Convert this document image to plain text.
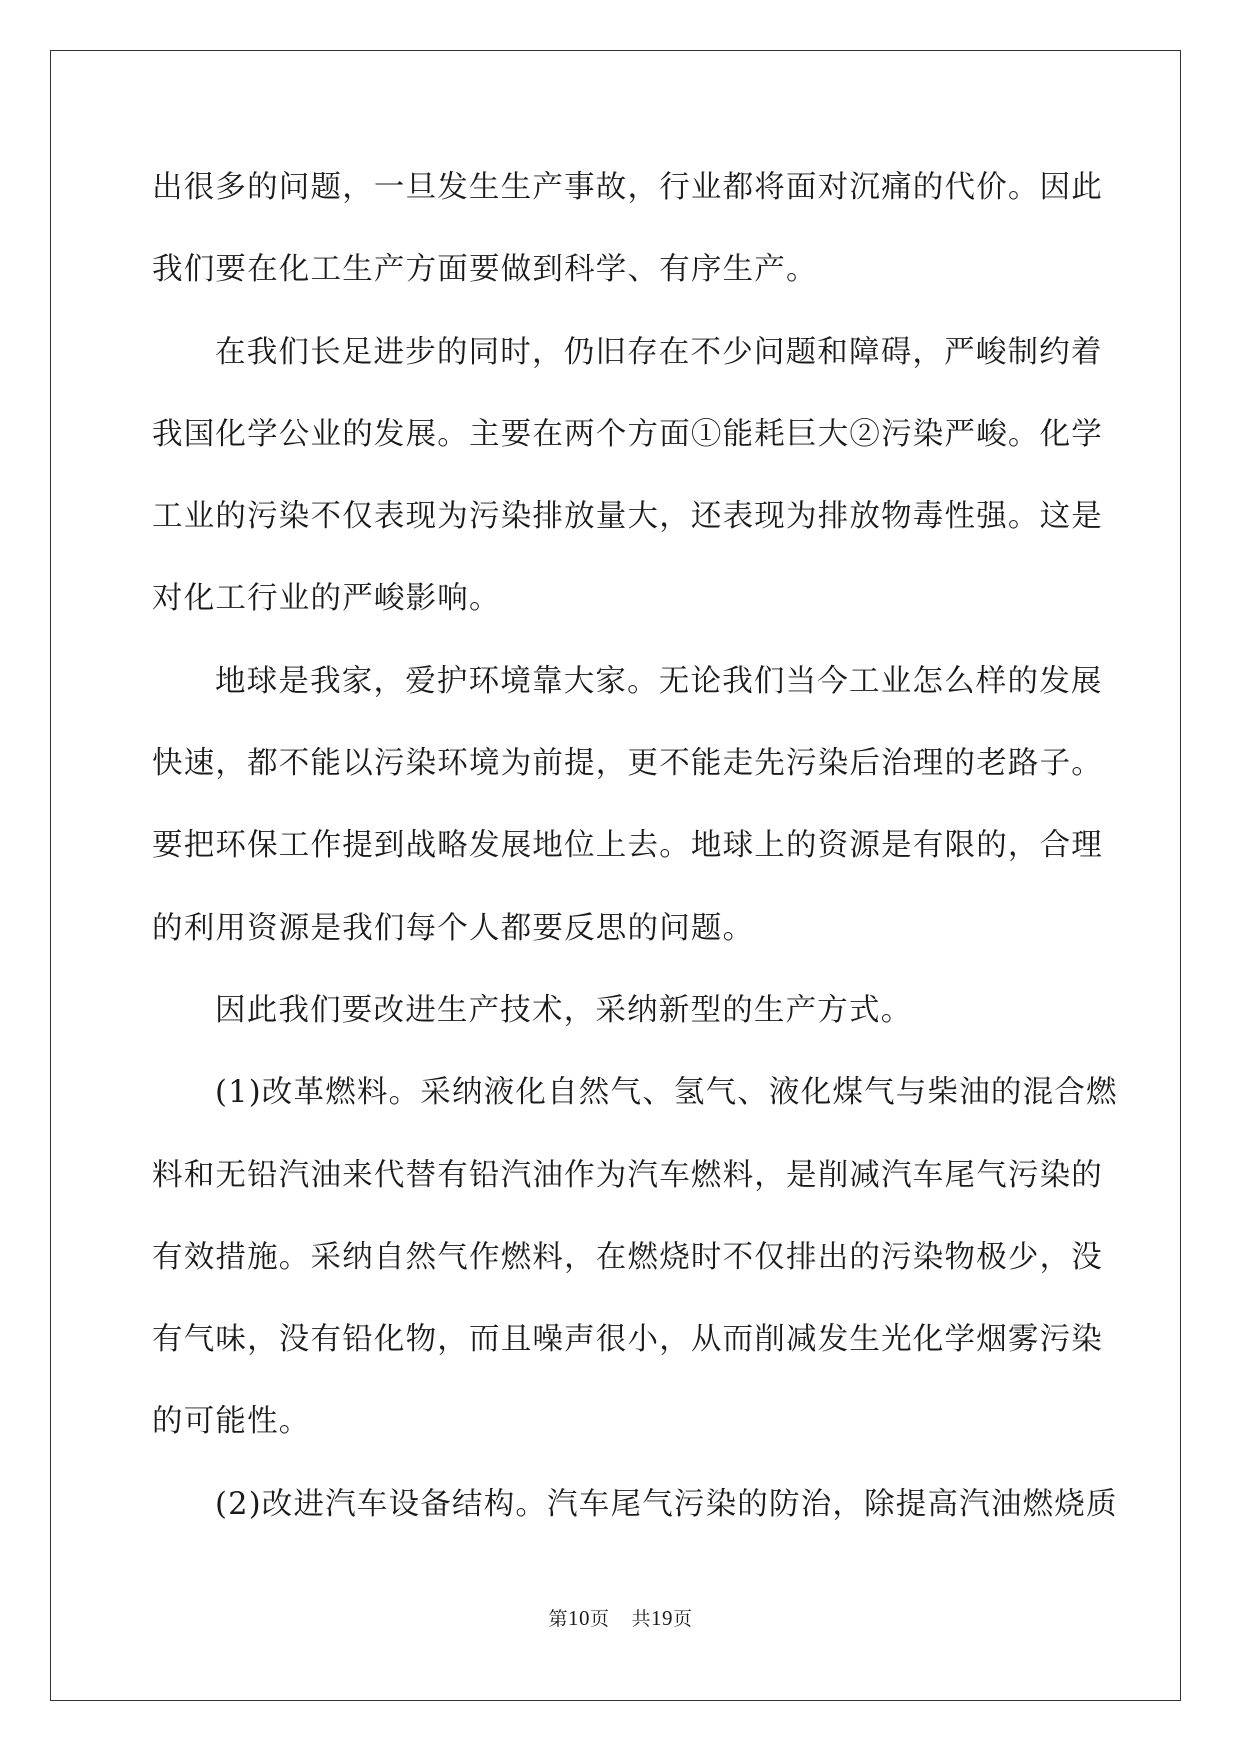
出很多的问题，一旦发生生产事故，行业都将面对沉痛的代价。因此
我们要在化工生产方面要做到科学、有序生产。
在我们长足进步的同时，仍旧存在不少问题和障碍，严峻制约着
我国化学公业的发展。主要在两个方面①能耗巨大②污染严峻。化学
工业的污染不仅表现为污染排放量大，还表现为排放物毒性强。这是
对化工行业的严峻影响。
地球是我家，爱护环境靠大家。无论我们当今工业怎么样的发展
快速，都不能以污染环境为前提，更不能走先污染后治理的老路子。
要把环保工作提到战略发展地位上去。地球上的资源是有限的，合理
的利用资源是我们每个人都要反思的问题。
因此我们要改进生产技术，采纳新型的生产方式。
(1)改革燃料。采纳液化自然气、氢气、液化煤气与柴油的混合燃
料和无铅汽油来代替有铅汽油作为汽车燃料，是削减汽车尾气污染的
有效措施。采纳自然气作燃料，在燃烧时不仅排出的污染物极少，没
有气味，没有铅化物，而且噪声很小，从而削减发生光化学烟雾污染
的可能性。
(2)改进汽车设备结构。汽车尾气污染的防治，除提高汽油燃烧质
第10页 共19页
